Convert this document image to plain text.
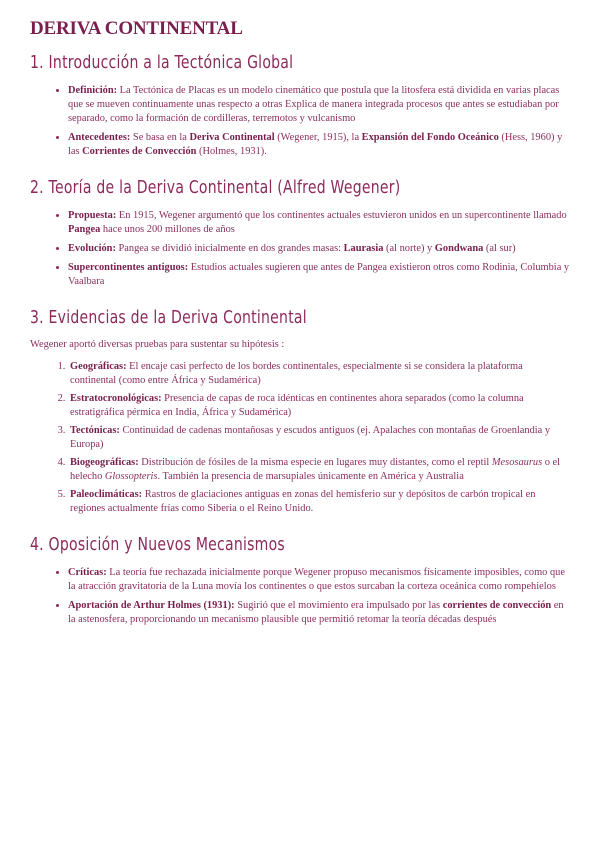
DERIVA CONTINENTAL
1. Introducción a la Tectónica Global
• Definición: La Tectónica de Placas es un modelo cinemático que postula que la litosfera está dividida en varias placas que se mueven continuamente unas respecto a otras Explica de manera integrada procesos que antes se estudiaban por separado, como la formación de cordilleras, terremotos y vulcanismo
• Antecedentes: Se basa en la Deriva Continental (Wegener, 1915), la Expansión del Fondo Oceánico (Hess, 1960) y las Corrientes de Convección (Holmes, 1931).
2. Teoría de la Deriva Continental (Alfred Wegener)
• Propuesta: En 1915, Wegener argumentó que los continentes actuales estuvieron unidos en un supercontinente llamado Pangea hace unos 200 millones de años
• Evolución: Pangea se dividió inicialmente en dos grandes masas: Laurasia (al norte) y Gondwana (al sur)
• Supercontinentes antiguos: Estudios actuales sugieren que antes de Pangea existieron otros como Rodinia, Columbia y Vaalbara
3. Evidencias de la Deriva Continental

Wegener aportó diversas pruebas para sustentar su hipótesis :

1. Geográficas: El encaje casi perfecto de los bordes continentales, especialmente si se considera la plataforma continental (como entre África y Sudamérica)
2. Estratocronológicas: Presencia de capas de roca idénticas en continentes ahora separados (como la columna estratigráfica pérmica en India, África y Sudamérica)
3. Tectónicas: Continuidad de cadenas montañosas y escudos antiguos (ej. Apalaches con montañas de Groenlandia y Europa)
4. Biogeográficas: Distribución de fósiles de la misma especie en lugares muy distantes, como el reptil Mesosaurus o el helecho Glossopteris. También la presencia de marsupiales únicamente en América y Australia
5. Paleoclimáticas: Rastros de glaciaciones antiguas en zonas del hemisferio sur y depósitos de carbón tropical en regiones actualmente frías como Siberia o el Reino Unido.
4. Oposición y Nuevos Mecanismos
• Críticas: La teoría fue rechazada inicialmente porque Wegener propuso mecanismos físicamente imposibles, como que la atracción gravitatoria de la Luna movía los continentes o que estos surcaban la corteza oceánica como rompehielos
• Aportación de Arthur Holmes (1931): Sugirió que el movimiento era impulsado por las corrientes de convección en la astenosfera, proporcionando un mecanismo plausible que permitió retomar la teoría décadas después
